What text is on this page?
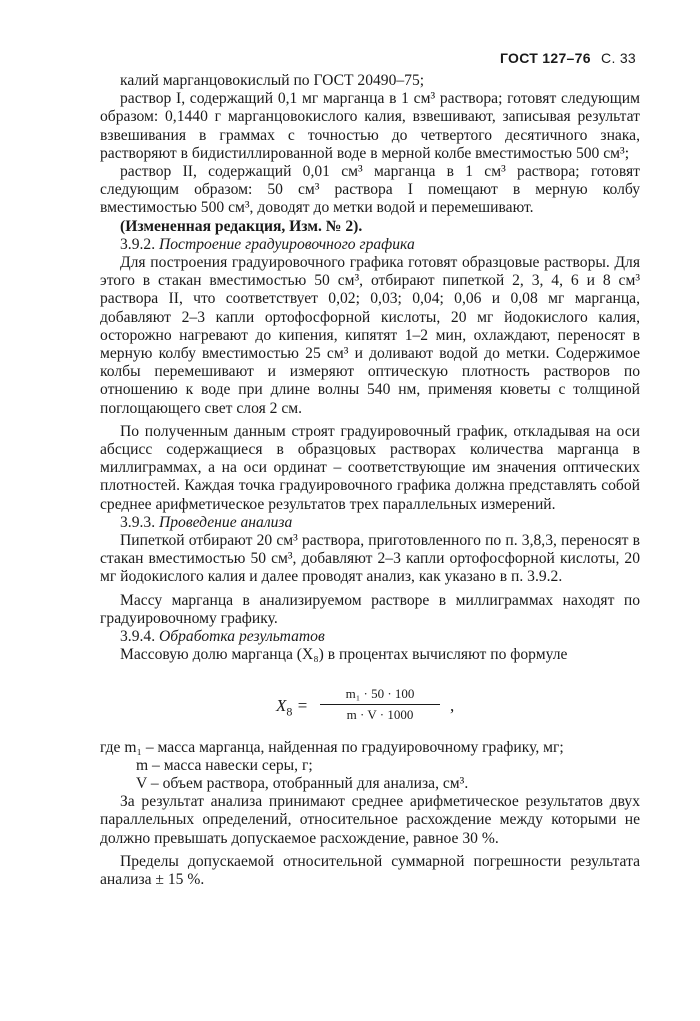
ГОСТ 127–76 С. 33

калий марганцовокислый по ГОСТ 20490–75;

раствор I, содержащий 0,1 мг марганца в 1 см³ раствора; готовят следующим образом: 0,1440 г марганцовокислого калия, взвешивают, записывая результат взвешивания в граммах с точностью до четвертого десятичного знака, растворяют в бидистиллированной воде в мерной колбе вместимостью 500 см³;

раствор II, содержащий 0,01 см³ марганца в 1 см³ раствора; готовят следующим образом: 50 см³ раствора I помещают в мерную колбу вместимостью 500 см³, доводят до метки водой и перемешивают.

(Измененная редакция, Изм. № 2).

3.9.2. Построение градуировочного графика

Для построения градуировочного графика готовят образцовые растворы. Для этого в стакан вместимостью 50 см³, отбирают пипеткой 2, 3, 4, 6 и 8 см³ раствора II, что соответствует 0,02; 0,03; 0,04; 0,06 и 0,08 мг марганца, добавляют 2–3 капли ортофосфорной кислоты, 20 мг йодокислого калия, осторожно нагревают до кипения, кипятят 1–2 мин, охлаждают, переносят в мерную колбу вместимостью 25 см³ и доливают водой до метки. Содержимое колбы перемешивают и измеряют оптическую плотность растворов по отношению к воде при длине волны 540 нм, применяя кюветы с толщиной поглощающего свет слоя 2 см.

По полученным данным строят градуировочный график, откладывая на оси абсцисс содержащиеся в образцовых растворах количества марганца в миллиграммах, а на оси ординат – соответствующие им значения оптических плотностей. Каждая точка градуировочного графика должна представлять собой среднее арифметическое результатов трех параллельных измерений.

3.9.3. Проведение анализа

Пипеткой отбирают 20 см³ раствора, приготовленного по п. 3,8,3, переносят в стакан вместимостью 50 см³, добавляют 2–3 капли ортофосфорной кислоты, 20 мг йодокислого калия и далее проводят анализ, как указано в п. 3.9.2.

Массу марганца в анализируемом растворе в миллиграммах находят по градуировочному графику.

3.9.4. Обработка результатов

Массовую долю марганца (X₈) в процентах вычисляют по формуле

$X_8 = \frac{\text{m₁ · 50 · 100}}{m \cdot V \cdot 1000}$ ,

где m₁ – масса марганца, найденная по градуировочному графику, мг;

m – масса навески серы, г;

V – объем раствора, отобранный для анализа, см³.

За результат анализа принимают среднее арифметическое результатов двух параллельных определений, относительное расхождение между которыми не должно превышать допускаемое расхождение, равное 30 %.

Пределы допускаемой относительной суммарной погрешности результата анализа ± 15 %.
